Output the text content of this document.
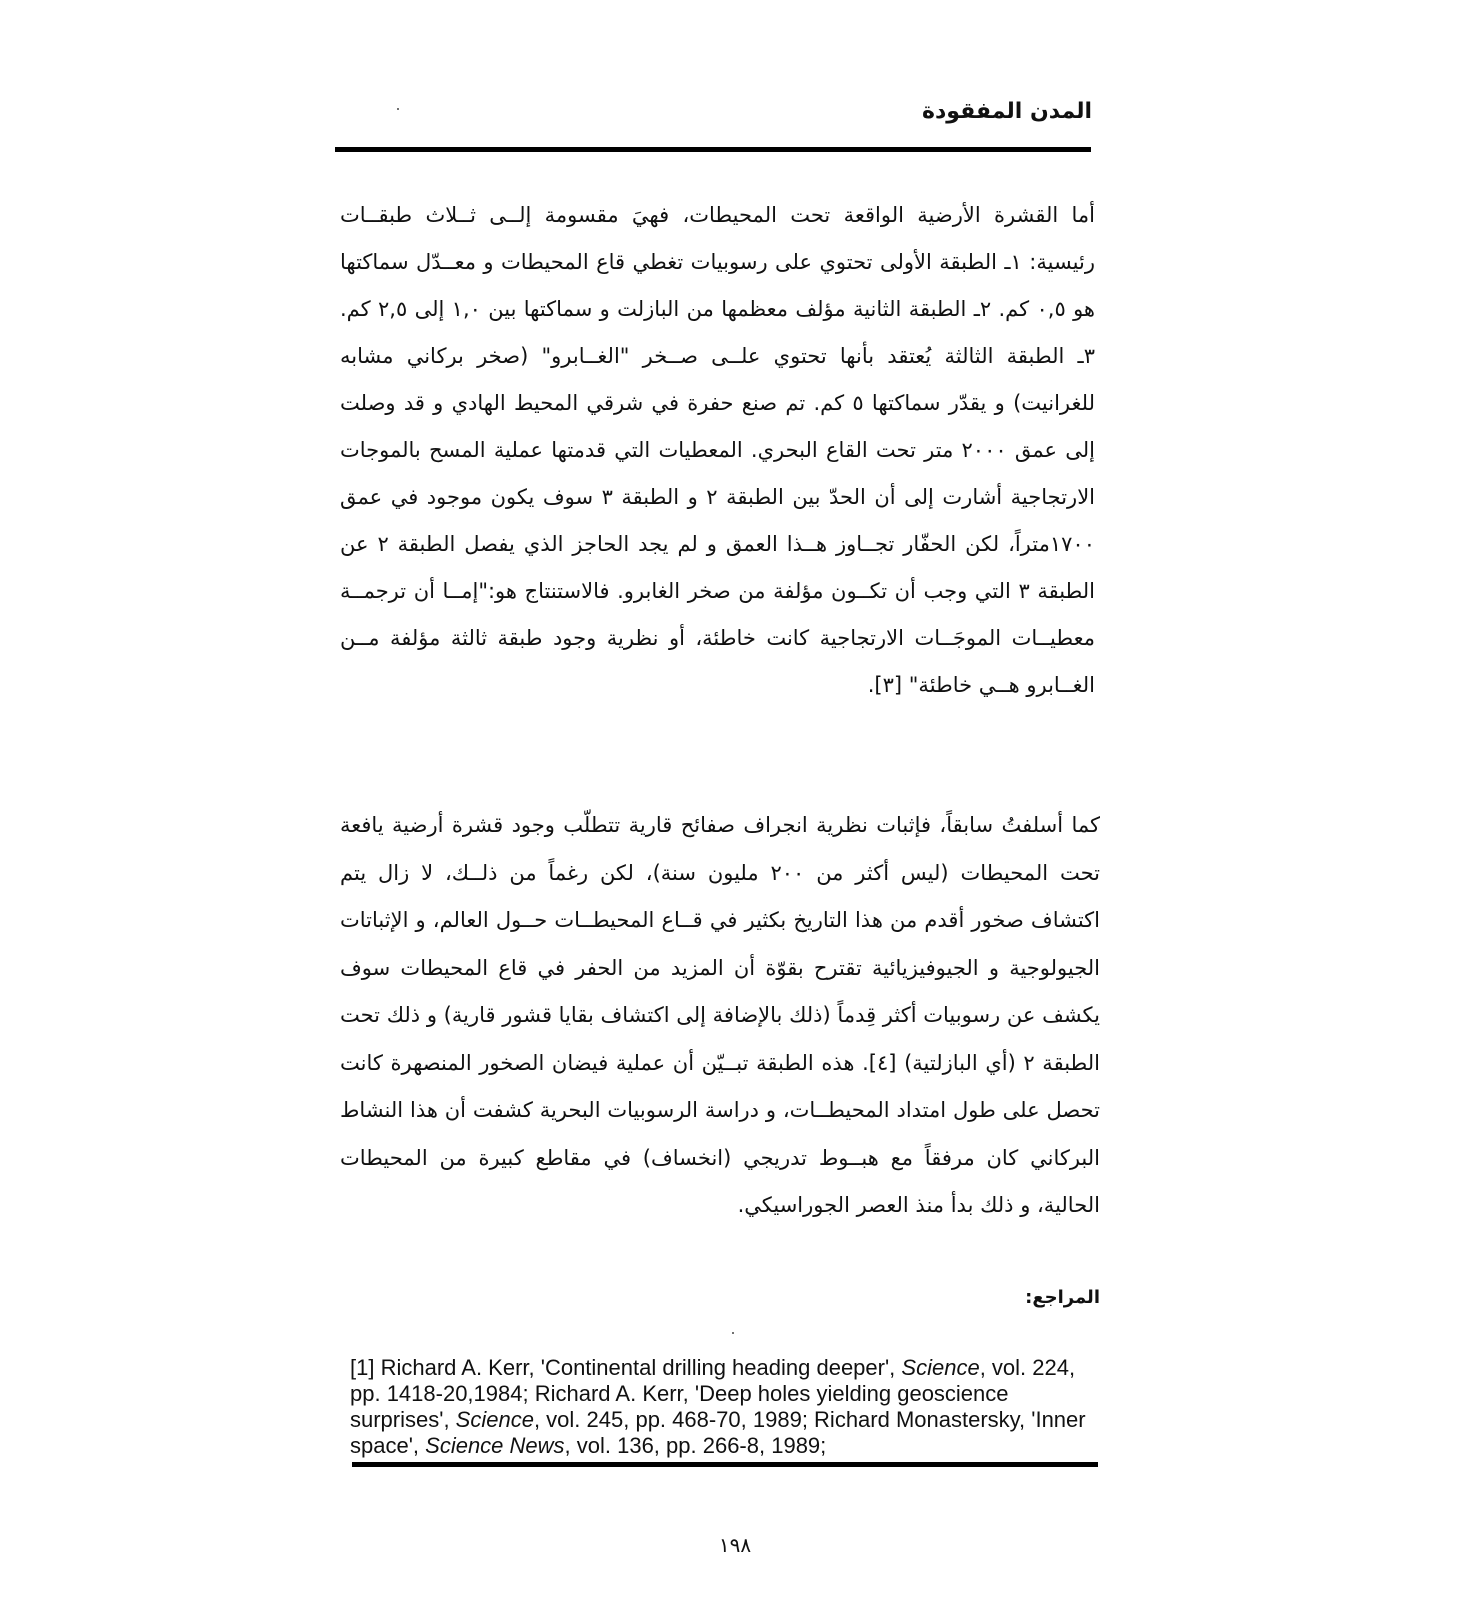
المدن المفقودة
أما القشرة الأرضية الواقعة تحت المحيطات، فهيَ مقسومة إلــى ثــلاث طبقــات رئيسية: ١ـ الطبقة الأولى تحتوي على رسوبيات تغطي قاع المحيطات و معــدّل سماكتها هو ٠,٥ كم. ٢ـ الطبقة الثانية مؤلف معظمها من البازلت و سماكتها بين ١,٠ إلى ٢,٥ كم. ٣ـ الطبقة الثالثة يُعتقد بأنها تحتوي علــى صــخر "الغــابرو" (صخر بركاني مشابه للغرانيت) و يقدّر سماكتها ٥ كم. تم صنع حفرة في شرقي المحيط الهادي و قد وصلت إلى عمق ٢٠٠٠ متر تحت القاع البحري. المعطيات التي قدمتها عملية المسح بالموجات الارتجاجية أشارت إلى أن الحدّ بين الطبقة ٢ و الطبقة ٣ سوف يكون موجود في عمق ١٧٠٠متراً، لكن الحفّار تجــاوز هــذا العمق و لم يجد الحاجز الذي يفصل الطبقة ٢ عن الطبقة ٣ التي وجب أن تكــون مؤلفة من صخر الغابرو. فالاستنتاج هو:"إمــا أن ترجمــة معطيــات الموجَــات الارتجاجية كانت خاطئة، أو نظرية وجود طبقة ثالثة مؤلفة مــن الغــابرو هــي خاطئة" [٣].
كما أسلفتُ سابقاً، فإثبات نظرية انجراف صفائح قارية تتطلّب وجود قشرة أرضية يافعة تحت المحيطات (ليس أكثر من ٢٠٠ مليون سنة)، لكن رغماً من ذلــك، لا زال يتم اكتشاف صخور أقدم من هذا التاريخ بكثير في قــاع المحيطــات حــول العالم، و الإثباتات الجيولوجية و الجيوفيزيائية تقترح بقوّة أن المزيد من الحفر في قاع المحيطات سوف يكشف عن رسوبيات أكثر قِدماً (ذلك بالإضافة إلى اكتشاف بقايا قشور قارية) و ذلك تحت الطبقة ٢ (أي البازلتية) [٤]. هذه الطبقة تبــيّن أن عملية فيضان الصخور المنصهرة كانت تحصل على طول امتداد المحيطــات، و دراسة الرسوبيات البحرية كشفت أن هذا النشاط البركاني كان مرفقاً مع هبــوط تدريجي (انخساف) في مقاطع كبيرة من المحيطات الحالية، و ذلك بدأ منذ العصر الجوراسيكي.
المراجع:
[1] Richard A. Kerr, 'Continental drilling heading deeper', Science, vol. 224, pp. 1418-20,1984; Richard A. Kerr, 'Deep holes yielding geoscience surprises', Science, vol. 245, pp. 468-70, 1989; Richard Monastersky, 'Inner space', Science News, vol. 136, pp. 266-8, 1989;
١٩٨
